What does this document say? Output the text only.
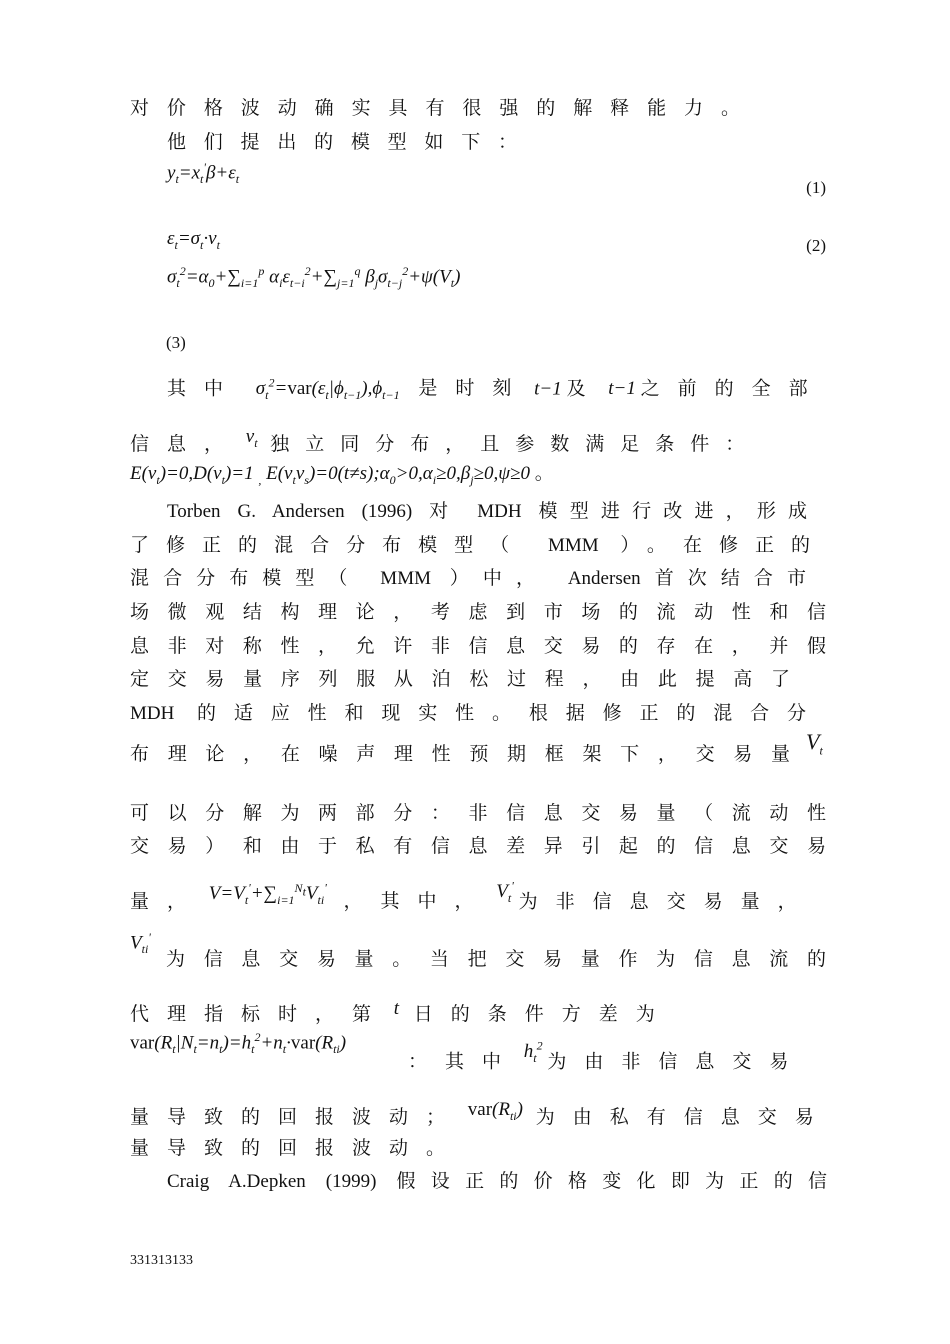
对价格波动确实具有很强的解释能力。
他们提出的模型如下：
$y_t=x_t'\beta+\varepsilon_t$	(1)
$\varepsilon_t=\sigma_t\cdot v_t$	(2)
$\sigma_t^2=\alpha_0+\sum_{i=1}^p$ $\alpha_i\varepsilon_{t-i}^2+\sum_{j=1}^q$ $\beta_j\sigma_{t-j}^2+\psi(V_t)$
(3)
其中 $\sigma_t^2=var(\varepsilon_t|\phi_{t-1}),\phi_{t-1}$ 是时刻 t−1 及 t−1 之前的全部
信息， $v_t$ 独立同分布，且参数满足条件：
$E(v_t)=0,D(v_t)=1$ $_,$ $E(v_tv_s)=0(t\ne s);\alpha_0>0,\alpha_i\ge 0,\beta_j\ge 0,\psi\ge 0$ 。
Torben G. Andersen (1996) 对 MDH 模型进行改进，形成
了修正的混合分布模型（ MMM ）。在修正的
混合分布模型（ MMM ）中， Andersen首次结合市
场微观结构理论，考虑到市场的流动性和信
息非对称性，允许非信息交易的存在，并假
定交易量序列服从泊松过程，由此提高了
MDH 的适应性和现实性。根据修正的混合分
布理论，在噪声理性预期框架下，交易量
$V_t$
可以分解为两部分：非信息交易量（流动性
交易）和由于私有信息差异引起的信息交易
量， $V=V_t'+\sum_{i=1}^{N_t}V_{ti}'$ ，其中， $V_t'$ 为非信息交易量，
$V_{ti}'$
为信息交易量。当把交易量作为信息流的
代理指标时，第 t 日的条件方差为
$var(R_t|N_t=n_t)=h_t^2+n_t\cdot var(R_{ti})$
：其中 $h_t^2$ 为由非信息交易
量导致的回报波动； $var(R_{ti})$ 为由私有信息交易
量导致的回报波动。
Craig A.Depken (1999) 假设正的价格变化即为正的信
331313133
